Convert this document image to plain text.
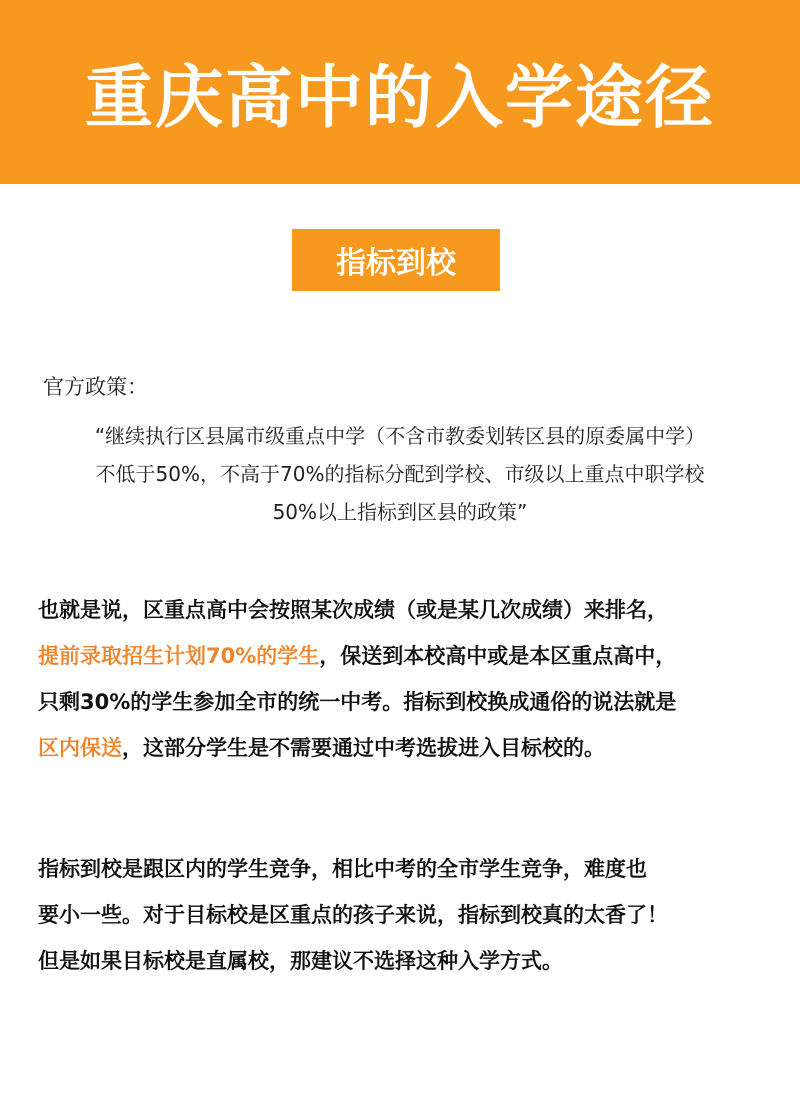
重庆高中的入学途径
指标到校
官方政策：
“继续执行区县属市级重点中学（不含市教委划转区县的原委属中学）
不低于50%，不高于70%的指标分配到学校、市级以上重点中职学校
50%以上指标到区县的政策”
也就是说，区重点高中会按照某次成绩（或是某几次成绩）来排名，
提前录取招生计划70%的学生，保送到本校高中或是本区重点高中，
只剩30%的学生参加全市的统一中考。指标到校换成通俗的说法就是
区内保送，这部分学生是不需要通过中考选拔进入目标校的。
指标到校是跟区内的学生竞争，相比中考的全市学生竞争，难度也
要小一些。对于目标校是区重点的孩子来说，指标到校真的太香了！
但是如果目标校是直属校，那建议不选择这种入学方式。
